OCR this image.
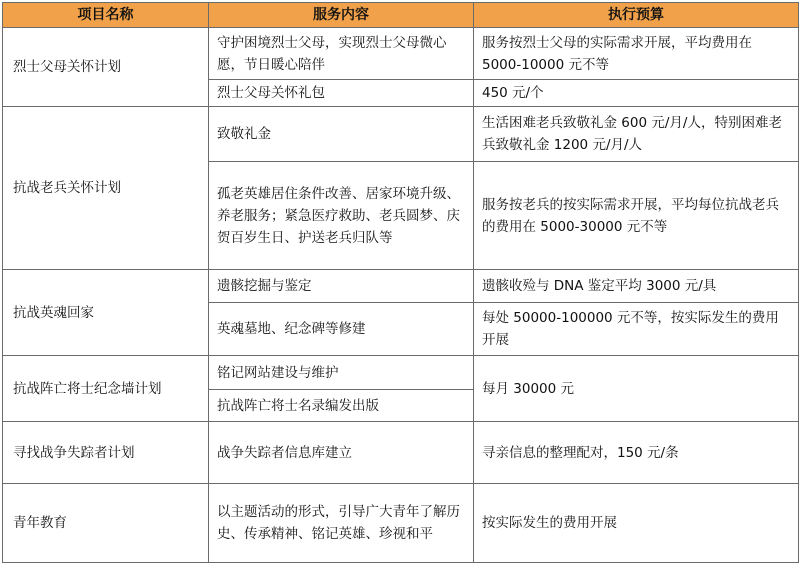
项目名称	服务内容	执行预算
烈士父母关怀计划	守护困境烈士父母，实现烈士父母微心愿，节日暖心陪伴	服务按烈士父母的实际需求开展，平均费用在 5000-10000 元不等
	烈士父母关怀礼包	450 元/个
抗战老兵关怀计划	致敬礼金	生活困难老兵致敬礼金 600 元/月/人，特别困难老兵致敬礼金 1200 元/月/人
	孤老英雄居住条件改善、居家环境升级、养老服务；紧急医疗救助、老兵圆梦、庆贺百岁生日、护送老兵归队等	服务按老兵的按实际需求开展，平均每位抗战老兵的费用在 5000-30000 元不等
抗战英魂回家	遗骸挖掘与鉴定	遗骸收殓与 DNA 鉴定平均 3000 元/具
	英魂墓地、纪念碑等修建	每处 50000-100000 元不等，按实际发生的费用开展
抗战阵亡将士纪念墙计划	铭记网站建设与维护	每月 30000 元
	抗战阵亡将士名录编发出版	
寻找战争失踪者计划	战争失踪者信息库建立	寻亲信息的整理配对，150 元/条
青年教育	以主题活动的形式，引导广大青年了解历史、传承精神、铭记英雄、珍视和平	按实际发生的费用开展
